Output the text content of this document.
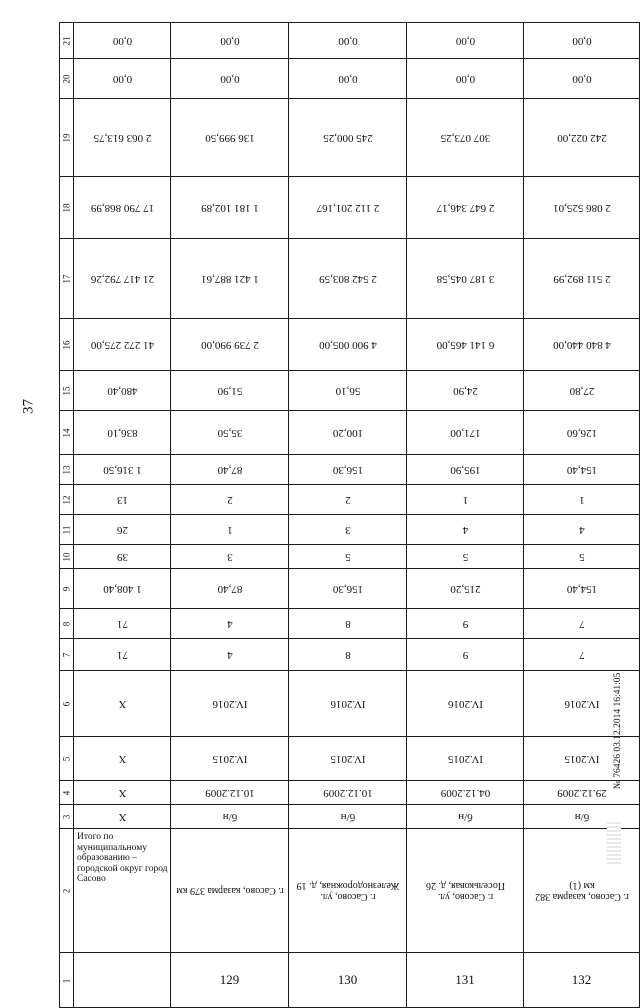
37
21	0,00	0,00	0,00	0,00	0,00

20	0,00	0,00	0,00	0,00	0,00

19	2 063 613,75	136 999,50	245 000,25	307 073,25	242 022,00

18	17 790 868,99	1 181 102,89	2 112 201,167	2 647 346,17	2 086 525,01

17	21 417 792,26	1 421 887,61	2 542 803,59	3 187 045,58	2 511 892,99

16	41 272 275,00	2 739 990,00	4 900 005,00	6 141 465,00	4 840 440,00

15	480,40	51,90	56,10	24,90	27,80

14	836,10	35,50	100,20	171,00	126,60

13	1 316,50	87,40	156,30	195,90	154,40

12	13	2	2	1	1

11	26	1	3	4	4

10	39	3	5	5	5

9	1 408,40	87,40	156,30	215,20	154,40

8	71	4	8	9	7

7	71	4	8	9	7

6	X	IV.2016	IV.2016	IV.2016	IV.2016

5	X	IV.2015	IV.2015	IV.2015	IV.2015

4	X	10.12.2009	10.12.2009	04.12.2009	29.12.2009

3	X	б/н	б/н	б/н	б/н

2	Итого по муниципальному образованию – городской округ город Сасово	г. Сасово, казарма 379 км	г. Сасово, ул. Железнодорожная, д. 19	г. Сасово, ул. Посельковая, д. 26	г. Сасово, казарма 382 км (1)

1		129	130	131	132
№ 76426 03.12.2014 16:41:05
